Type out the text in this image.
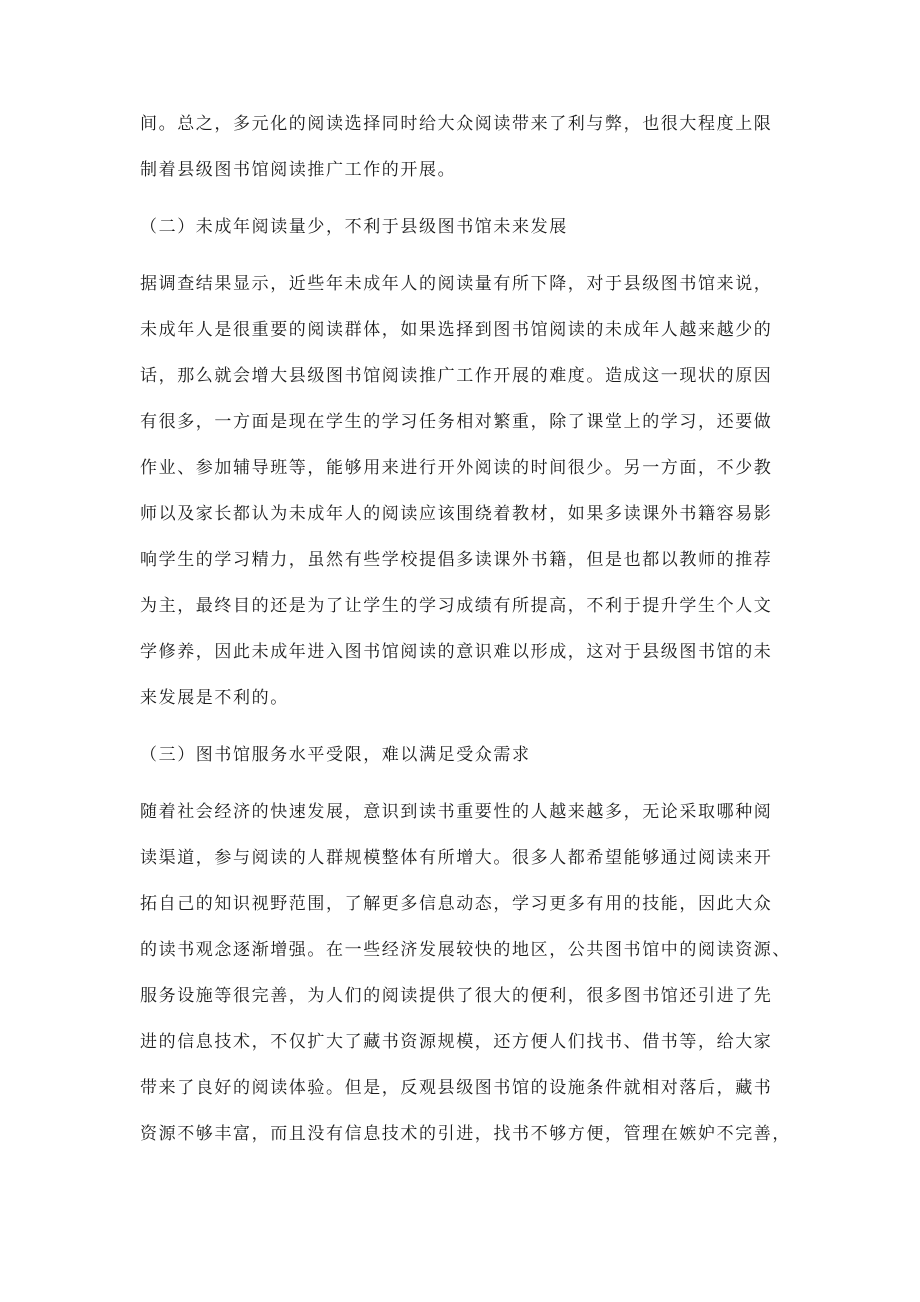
间。总之，多元化的阅读选择同时给大众阅读带来了利与弊，也很大程度上限
制着县级图书馆阅读推广工作的开展。
（二）未成年阅读量少，不利于县级图书馆未来发展
据调查结果显示，近些年未成年人的阅读量有所下降，对于县级图书馆来说，
未成年人是很重要的阅读群体，如果选择到图书馆阅读的未成年人越来越少的
话，那么就会增大县级图书馆阅读推广工作开展的难度。造成这一现状的原因
有很多，一方面是现在学生的学习任务相对繁重，除了课堂上的学习，还要做
作业、参加辅导班等，能够用来进行开外阅读的时间很少。另一方面，不少教
师以及家长都认为未成年人的阅读应该围绕着教材，如果多读课外书籍容易影
响学生的学习精力，虽然有些学校提倡多读课外书籍，但是也都以教师的推荐
为主，最终目的还是为了让学生的学习成绩有所提高，不利于提升学生个人文
学修养，因此未成年进入图书馆阅读的意识难以形成，这对于县级图书馆的未
来发展是不利的。
（三）图书馆服务水平受限，难以满足受众需求
随着社会经济的快速发展，意识到读书重要性的人越来越多，无论采取哪种阅
读渠道，参与阅读的人群规模整体有所增大。很多人都希望能够通过阅读来开
拓自己的知识视野范围，了解更多信息动态，学习更多有用的技能，因此大众
的读书观念逐渐增强。在一些经济发展较快的地区，公共图书馆中的阅读资源、
服务设施等很完善，为人们的阅读提供了很大的便利，很多图书馆还引进了先
进的信息技术，不仅扩大了藏书资源规模，还方便人们找书、借书等，给大家
带来了良好的阅读体验。但是，反观县级图书馆的设施条件就相对落后，藏书
资源不够丰富，而且没有信息技术的引进，找书不够方便，管理在嫉妒不完善，
